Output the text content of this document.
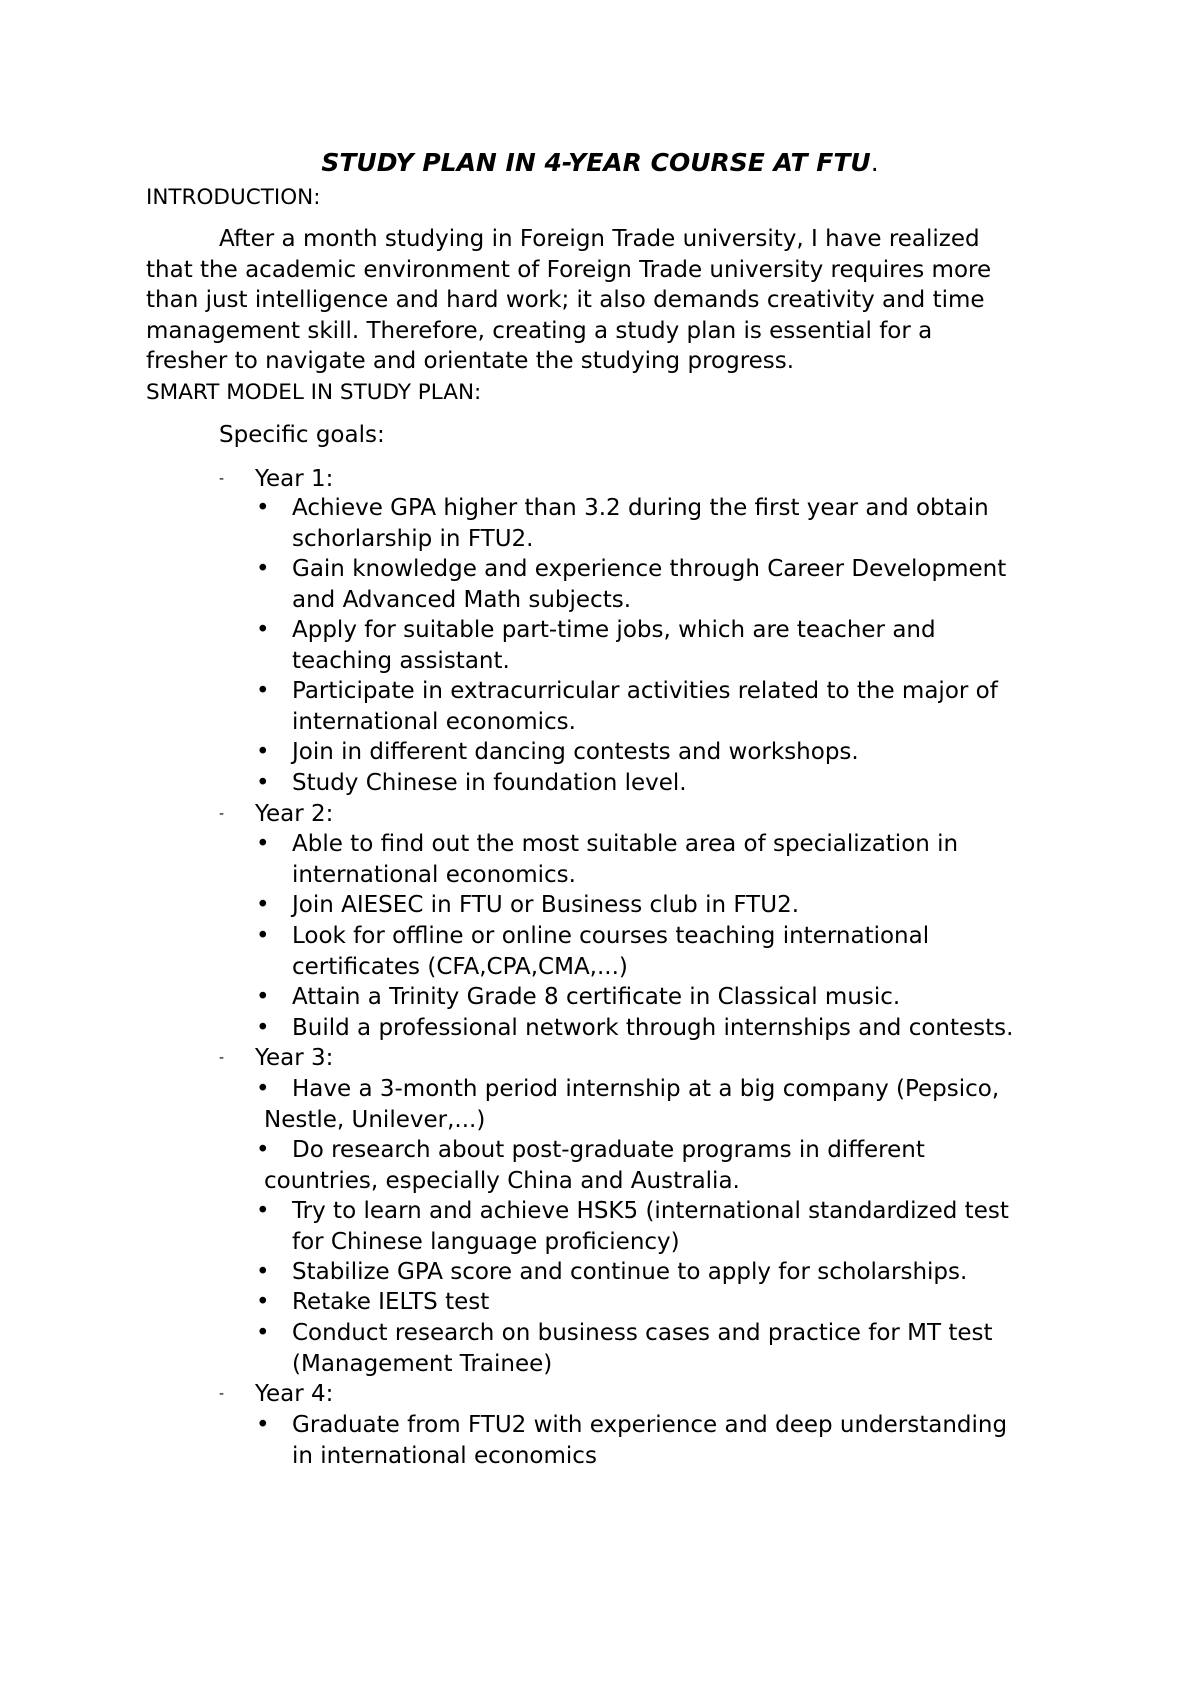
STUDY PLAN IN 4-YEAR COURSE AT FTU.
INTRODUCTION:
After a month studying in Foreign Trade university, I have realized
that the academic environment of Foreign Trade university requires more
than just intelligence and hard work; it also demands creativity and time
management skill. Therefore, creating a study plan is essential for a
fresher to navigate and orientate the studying progress.
SMART MODEL IN STUDY PLAN:
Specific goals:
- Year 1:
• Achieve GPA higher than 3.2 during the first year and obtain
schorlarship in FTU2.
• Gain knowledge and experience through Career Development
and Advanced Math subjects.
• Apply for suitable part-time jobs, which are teacher and
teaching assistant.
• Participate in extracurricular activities related to the major of
international economics.
• Join in different dancing contests and workshops.
• Study Chinese in foundation level.
- Year 2:
• Able to find out the most suitable area of specialization in
international economics.
• Join AIESEC in FTU or Business club in FTU2.
• Look for offline or online courses teaching international
certificates (CFA,CPA,CMA,...)
• Attain a Trinity Grade 8 certificate in Classical music.
• Build a professional network through internships and contests.
- Year 3:
• Have a 3-month period internship at a big company (Pepsico,
Nestle, Unilever,...)
• Do research about post-graduate programs in different
countries, especially China and Australia.
• Try to learn and achieve HSK5 (international standardized test
for Chinese language proficiency)
• Stabilize GPA score and continue to apply for scholarships.
• Retake IELTS test
• Conduct research on business cases and practice for MT test
(Management Trainee)
- Year 4:
• Graduate from FTU2 with experience and deep understanding
in international economics
